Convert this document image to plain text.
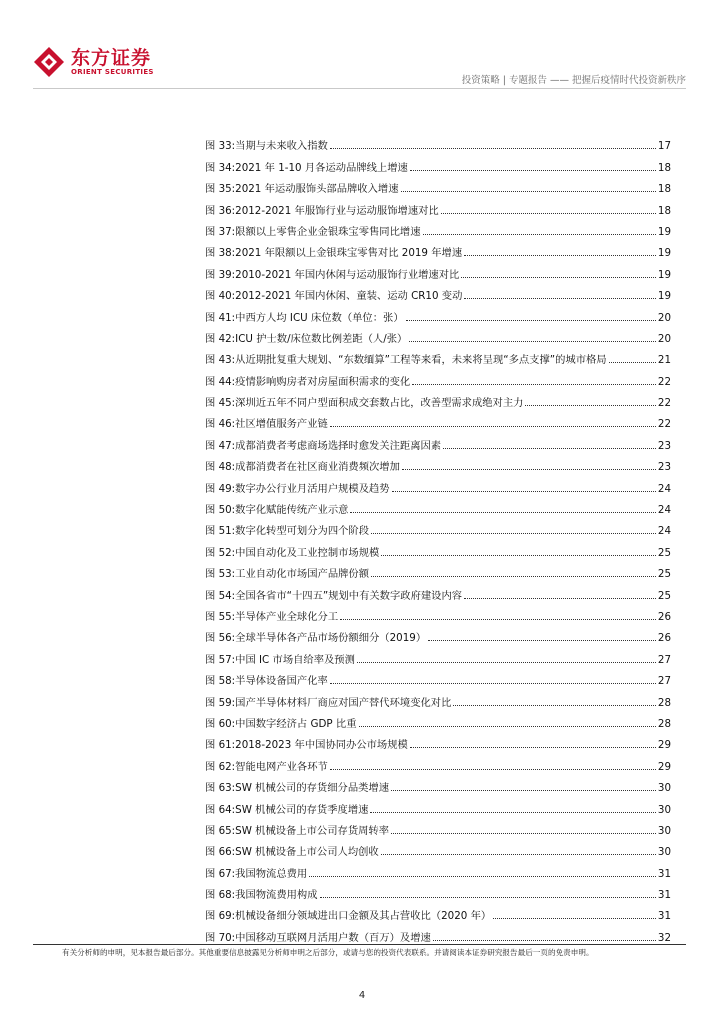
东方证券
ORIENT SECURITIES
投资策略 | 专题报告 —— 把握后疫情时代投资新秩序
图 33: 当期与未来收入指数	17
图 34: 2021 年 1-10 月各运动品牌线上增速	18
图 35: 2021 年运动服饰头部品牌收入增速	18
图 36: 2012-2021 年服饰行业与运动服饰增速对比	18
图 37: 限额以上零售企业金银珠宝零售同比增速	19
图 38: 2021 年限额以上金银珠宝零售对比 2019 年增速	19
图 39: 2010-2021 年国内休闲与运动服饰行业增速对比	19
图 40: 2012-2021 年国内休闲、童装、运动 CR10 变动	19
图 41: 中西方人均 ICU 床位数（单位：张）	20
图 42: ICU 护士数/床位数比例差距（人/张）	20
图 43: 从近期批复重大规划、“东数缅算”工程等来看，未来将呈现“多点支撑”的城市格局	21
图 44: 疫情影响购房者对房屋面积需求的变化	22
图 45: 深圳近五年不同户型面积成交套数占比，改善型需求成绝对主力	22
图 46: 社区增值服务产业链	22
图 47: 成都消费者考虑商场选择时愈发关注距离因素	23
图 48: 成都消费者在社区商业消费频次增加	23
图 49: 数字办公行业月活用户规模及趋势	24
图 50: 数字化赋能传统产业示意	24
图 51: 数字化转型可划分为四个阶段	24
图 52: 中国自动化及工业控制市场规模	25
图 53: 工业自动化市场国产品牌份额	25
图 54: 全国各省市“十四五”规划中有关数字政府建设内容	25
图 55: 半导体产业全球化分工	26
图 56: 全球半导体各产品市场份额细分（2019）	26
图 57: 中国 IC 市场自给率及预测	27
图 58: 半导体设备国产化率	27
图 59: 国产半导体材料厂商应对国产替代环境变化对比	28
图 60: 中国数字经济占 GDP 比重	28
图 61: 2018-2023 年中国协同办公市场规模	29
图 62: 智能电网产业各环节	29
图 63: SW 机械公司的存货细分品类增速	30
图 64: SW 机械公司的存货季度增速	30
图 65: SW 机械设备上市公司存货周转率	30
图 66: SW 机械设备上市公司人均创收	30
图 67: 我国物流总费用	31
图 68: 我国物流费用构成	31
图 69: 机械设备细分领域进出口金额及其占营收比（2020 年）	31
图 70: 中国移动互联网月活用户数（百万）及增速	32
有关分析师的申明，见本报告最后部分。其他重要信息披露见分析师申明之后部分，或请与您的投资代表联系。并请阅读本证券研究报告最后一页的免责申明。
4
